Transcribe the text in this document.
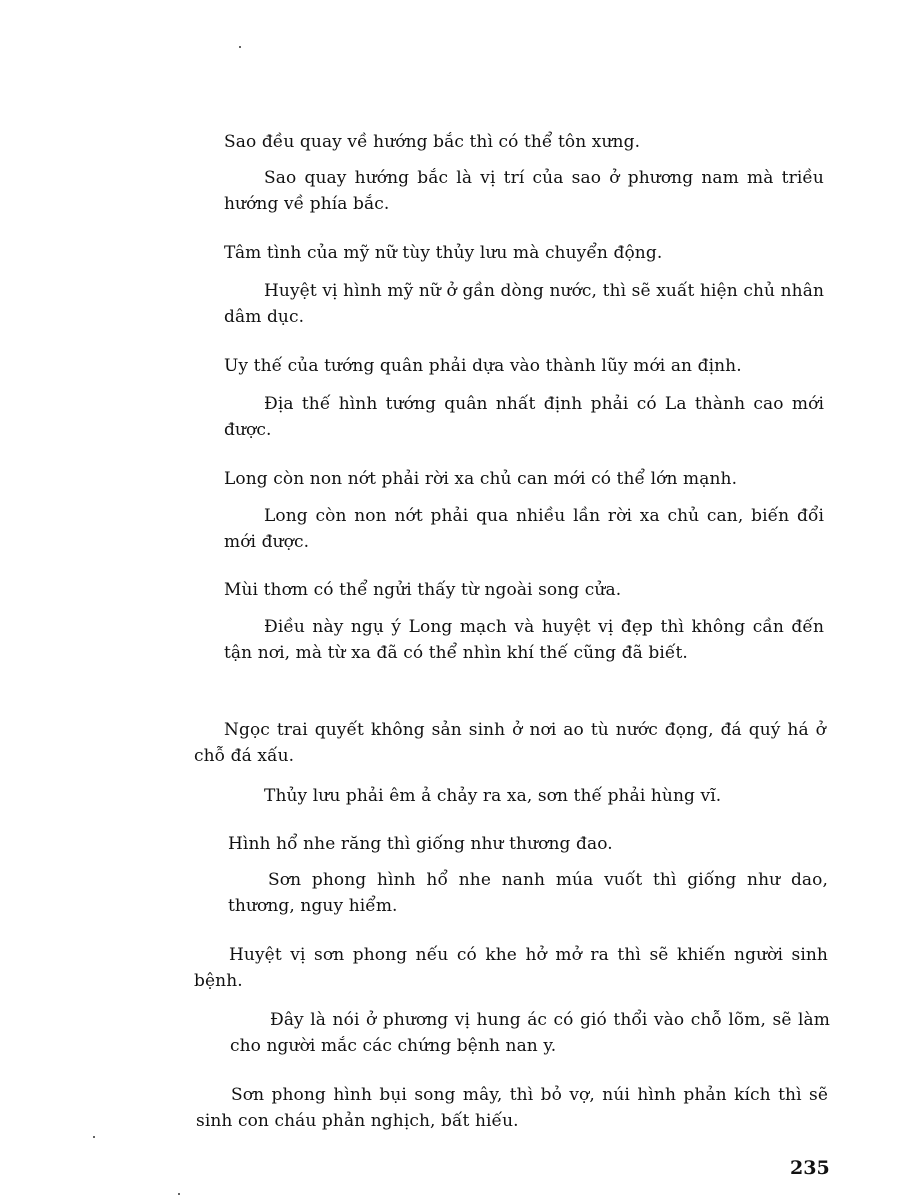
Sao đều quay về hướng bắc thì có thể tôn xưng.

Sao quay hướng bắc là vị trí của sao ở phương nam mà triều hướng về phía bắc.

Tâm tình của mỹ nữ tùy thủy lưu mà chuyển động.

Huyệt vị hình mỹ nữ ở gần dòng nước, thì sẽ xuất hiện chủ nhân dâm dục.

Uy thế của tướng quân phải dựa vào thành lũy mới an định.

Địa thế hình tướng quân nhất định phải có La thành cao mới được.

Long còn non nớt phải rời xa chủ can mới có thể lớn mạnh.

Long còn non nớt phải qua nhiều lần rời xa chủ can, biến đổi mới được.

Mùi thơm có thể ngửi thấy từ ngoài song cửa.

Điều này ngụ ý Long mạch và huyệt vị đẹp thì không cần đến tận nơi, mà từ xa đã có thể nhìn khí thế cũng đã biết.

Ngọc trai quyết không sản sinh ở nơi ao tù nước đọng, đá quý há ở chỗ đá xấu.

Thủy lưu phải êm ả chảy ra xa, sơn thế phải hùng vĩ.

Hình hổ nhe răng thì giống như thương đao.

Sơn phong hình hổ nhe nanh múa vuốt thì giống như dao, thương, nguy hiểm.

Huyệt vị sơn phong nếu có khe hở mở ra thì sẽ khiến người sinh bệnh.

Đây là nói ở phương vị hung ác có gió thổi vào chỗ lõm, sẽ làm cho người mắc các chứng bệnh nan y.

Sơn phong hình bụi song mây, thì bỏ vợ, núi hình phản kích thì sẽ sinh con cháu phản nghịch, bất hiếu.

235
